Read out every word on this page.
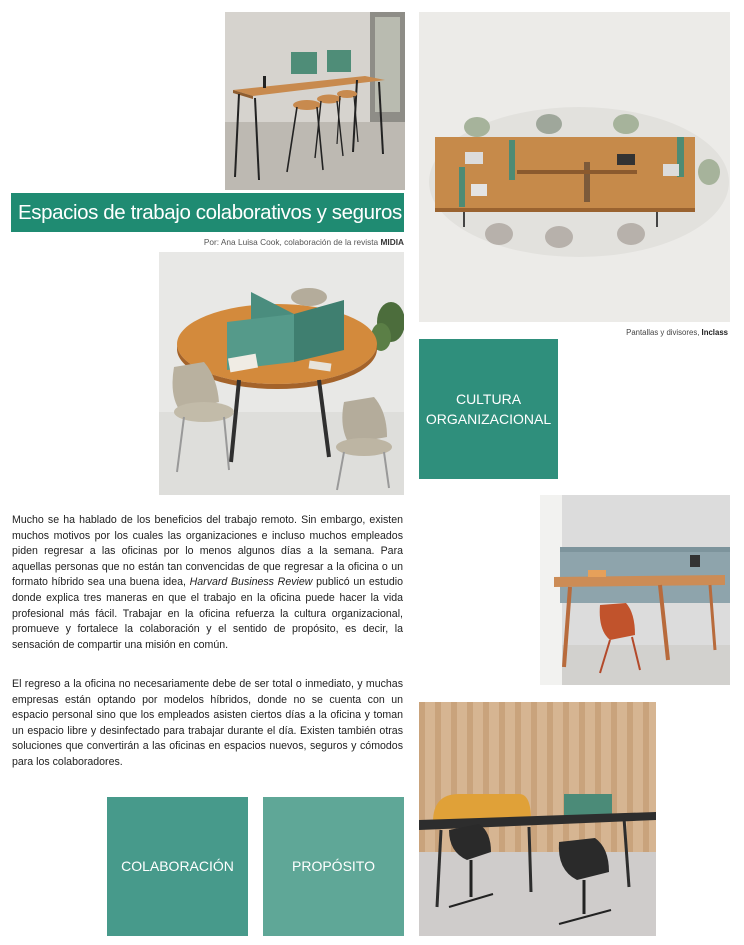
Espacios de trabajo colaborativos y seguros
Por: Ana Luisa Cook, colaboración de la revista MIDIA
Pantallas y divisores, Inclass
CULTURA
ORGANIZACIONAL
Mucho se ha hablado de los beneficios del trabajo remoto. Sin embargo, existen muchos motivos por los cuales las organizaciones e incluso muchos empleados piden regresar a las oficinas por lo menos algunos días a la semana. Para aquellas personas que no están tan convencidas de que regresar a la oficina o un formato híbrido sea una buena idea, Harvard Business Review publicó un estudio donde explica tres maneras en que el trabajo en la oficina puede hacer la vida profesional más fácil. Trabajar en la oficina refuerza la cultura organizacional, promueve y fortalece la colaboración y el sentido de propósito, es decir, la sensación de compartir una misión en común.
El regreso a la oficina no necesariamente debe de ser total o inmediato, y muchas empresas están optando por modelos híbridos, donde no se cuenta con un espacio personal sino que los empleados asisten ciertos días a la oficina y toman un espacio libre y desinfectado para trabajar durante el día. Existen también otras soluciones que convertirán a las oficinas en espacios nuevos, seguros y cómodos para los colaboradores.
COLABORACIÓN	PROPÓSITO
